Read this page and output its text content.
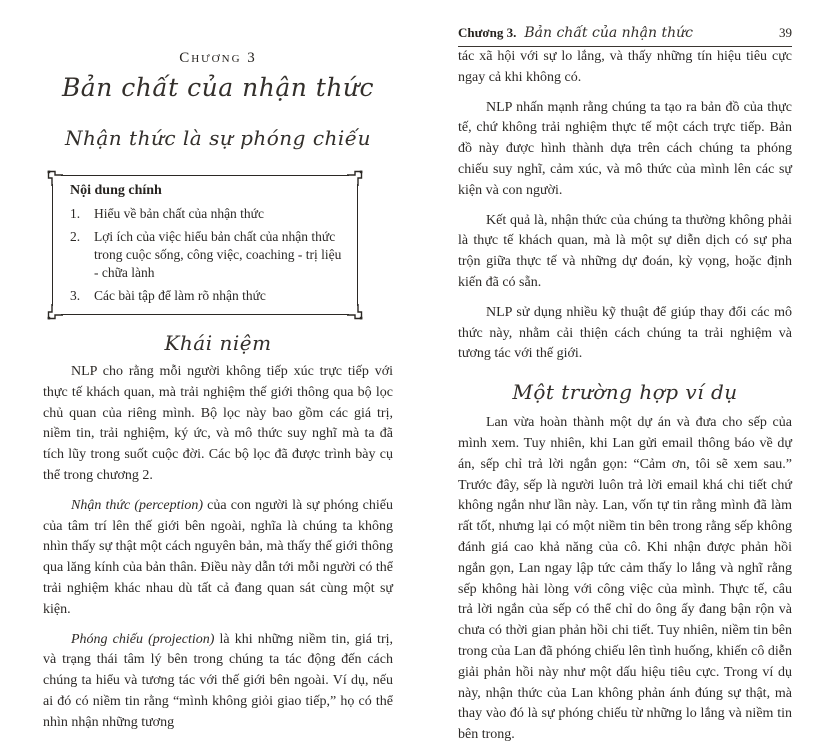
Chương 3
Bản chất của nhận thức
Nhận thức là sự phóng chiếu
Nội dung chính
1.	Hiểu về bản chất của nhận thức
2.	Lợi ích của việc hiểu bản chất của nhận thức trong cuộc sống, công việc, coaching - trị liệu - chữa lành
3.	Các bài tập để làm rõ nhận thức
Khái niệm

NLP cho rằng mỗi người không tiếp xúc trực tiếp với thực tế khách quan, mà trải nghiệm thế giới thông qua bộ lọc chủ quan của riêng mình. Bộ lọc này bao gồm các giá trị, niềm tin, trải nghiệm, ký ức, và mô thức suy nghĩ mà ta đã tích lũy trong suốt cuộc đời. Các bộ lọc đã được trình bày cụ thể trong chương 2.

Nhận thức (perception) của con người là sự phóng chiếu của tâm trí lên thế giới bên ngoài, nghĩa là chúng ta không nhìn thấy sự thật một cách nguyên bản, mà thấy thế giới thông qua lăng kính của bản thân. Điều này dẫn tới mỗi người có thể trải nghiệm khác nhau dù tất cả đang quan sát cùng một sự kiện.

Phóng chiếu (projection) là khi những niềm tin, giá trị, và trạng thái tâm lý bên trong chúng ta tác động đến cách chúng ta hiểu và tương tác với thế giới bên ngoài. Ví dụ, nếu ai đó có niềm tin rằng “mình không giỏi giao tiếp,” họ có thể nhìn nhận những tương

Chương 3. Bản chất của nhận thức	39

tác xã hội với sự lo lắng, và thấy những tín hiệu tiêu cực ngay cả khi không có.

NLP nhấn mạnh rằng chúng ta tạo ra bản đồ của thực tế, chứ không trải nghiệm thực tế một cách trực tiếp. Bản đồ này được hình thành dựa trên cách chúng ta phóng chiếu suy nghĩ, cảm xúc, và mô thức của mình lên các sự kiện và con người.

Kết quả là, nhận thức của chúng ta thường không phải là thực tế khách quan, mà là một sự diễn dịch có sự pha trộn giữa thực tế và những dự đoán, kỳ vọng, hoặc định kiến đã có sẵn.

NLP sử dụng nhiều kỹ thuật để giúp thay đổi các mô thức này, nhằm cải thiện cách chúng ta trải nghiệm và tương tác với thế giới.

Một trường hợp ví dụ

Lan vừa hoàn thành một dự án và đưa cho sếp của mình xem. Tuy nhiên, khi Lan gửi email thông báo về dự án, sếp chỉ trả lời ngắn gọn: “Cảm ơn, tôi sẽ xem sau.” Trước đây, sếp là người luôn trả lời email khá chi tiết chứ không ngắn như lần này. Lan, vốn tự tin rằng mình đã làm rất tốt, nhưng lại có một niềm tin bên trong rằng sếp không đánh giá cao khả năng của cô. Khi nhận được phản hồi ngắn gọn, Lan ngay lập tức cảm thấy lo lắng và nghĩ rằng sếp không hài lòng với công việc của mình. Thực tế, câu trả lời ngắn của sếp có thể chỉ do ông ấy đang bận rộn và chưa có thời gian phản hồi chi tiết. Tuy nhiên, niềm tin bên trong của Lan đã phóng chiếu lên tình huống, khiến cô diễn giải phản hồi này như một dấu hiệu tiêu cực. Trong ví dụ này, nhận thức của Lan không phản ánh đúng sự thật, mà thay vào đó là sự phóng chiếu từ những lo lắng và niềm tin bên trong.
